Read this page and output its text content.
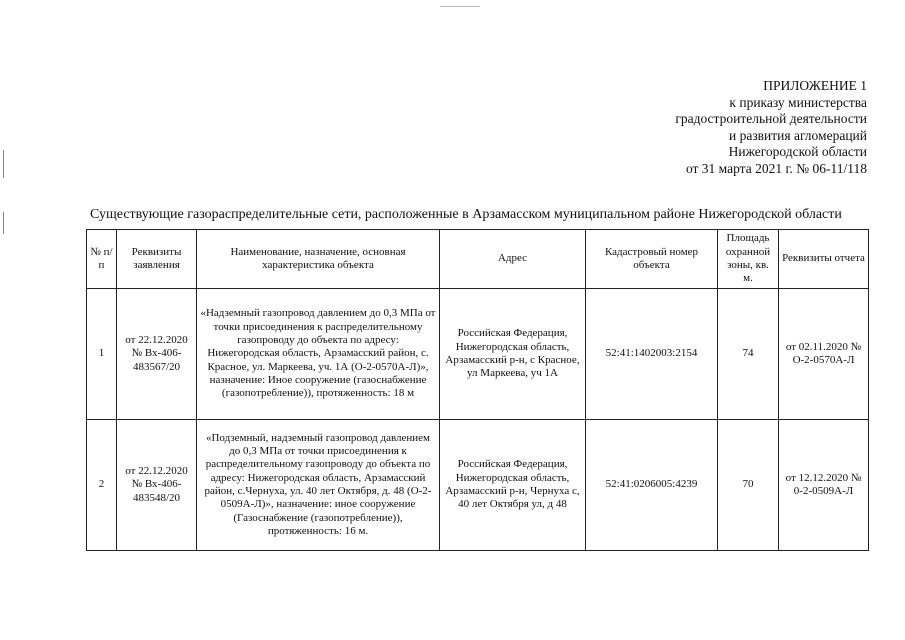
ПРИЛОЖЕНИЕ 1
к приказу министерства
градостроительной деятельности
и развития агломераций
Нижегородской области
от 31 марта 2021 г. № 06-11/118
Существующие газораспределительные сети, расположенные в Арзамасском муниципальном районе Нижегородской области
№ п/п	Реквизиты заявления	Наименование, назначение, основная характеристика объекта	Адрес	Кадастровый номер объекта	Площадь охранной зоны, кв. м.	Реквизиты отчета
1	от 22.12.2020 № Вх-406-483567/20	«Надземный газопровод давлением до 0,3 МПа от точки присоединения к распределительному газопроводу до объекта по адресу: Нижегородская область, Арзамасский район, с. Красное, ул. Маркеева, уч. 1А (О-2-0570А-Л)», назначение: Иное сооружение (газоснабжение (газопотребление)), протяженность: 18 м	Российская Федерация, Нижегородская область, Арзамасский р-н, с Красное, ул Маркеева, уч 1А	52:41:1402003:2154	74	от 02.11.2020 № О-2-0570А-Л
2	от 22.12.2020 № Вх-406-483548/20	«Подземный, надземный газопровод давлением до 0,3 МПа от точки присоединения к распределительному газопроводу до объекта по адресу: Нижегородская область, Арзамасский район, с.Чернуха, ул. 40 лет Октября, д. 48 (О-2-0509А-Л)», назначение: иное сооружение (Газоснабжение (газопотребление)), протяженность: 16 м.	Российская Федерация, Нижегородская область, Арзамасский р-н, Чернуха с, 40 лет Октября ул, д 48	52:41:0206005:4239	70	от 12.12.2020 № 0-2-0509А-Л
